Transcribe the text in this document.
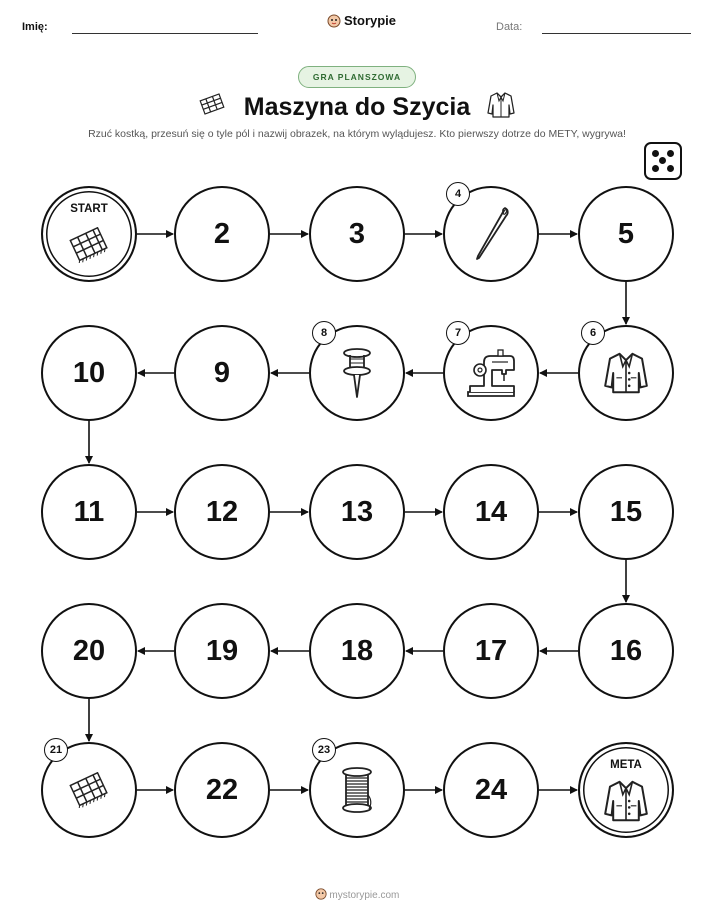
Imię:	Storypie	Data:
GRA PLANSZOWA
Maszyna do Szycia
Rzuć kostką, przesuń się o tyle pól i nazwij obrazek, na którym wylądujesz. Kto pierwszy dotrze do METY, wygrywa!
START
2	3
4
5
6
7
8
9
10
11	12	13	14	15
16
17
18
19
20
21
22
23
24
META
mystorypie.com
